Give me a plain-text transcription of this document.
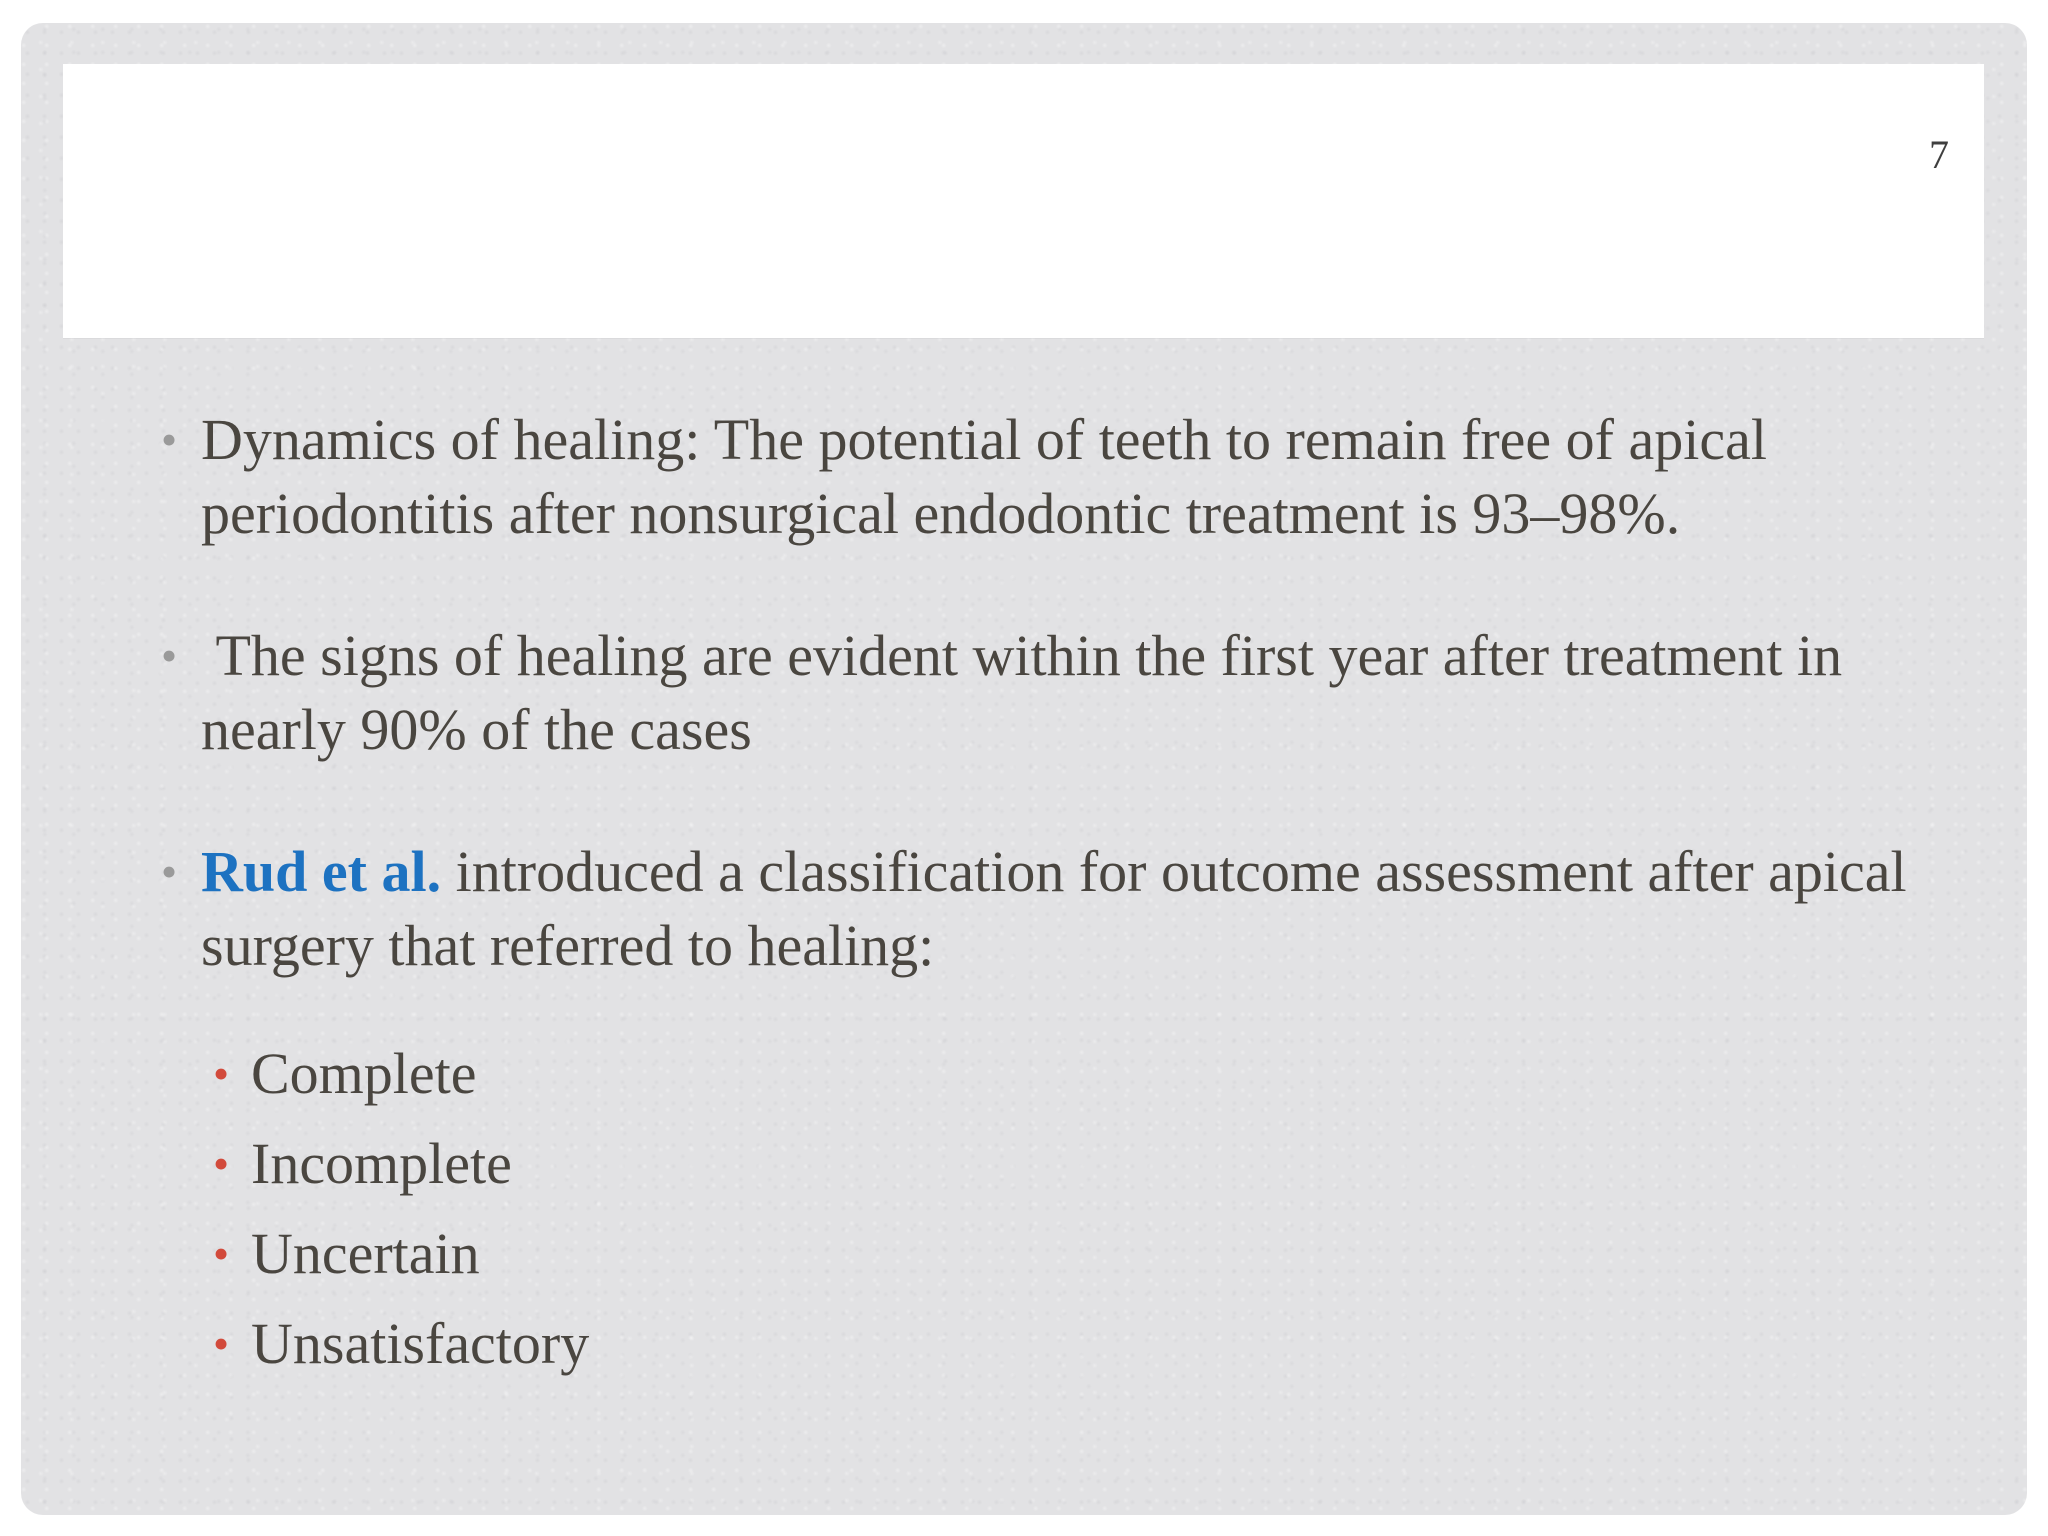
7
• Dynamics of healing: The potential of teeth to remain free of apical periodontitis after nonsurgical endodontic treatment is 93–98%.
• The signs of healing are evident within the first year after treatment in nearly 90% of the cases
• Rud et al. introduced a classification for outcome assessment after apical surgery that referred to healing:
• Complete
• Incomplete
• Uncertain
• Unsatisfactory
